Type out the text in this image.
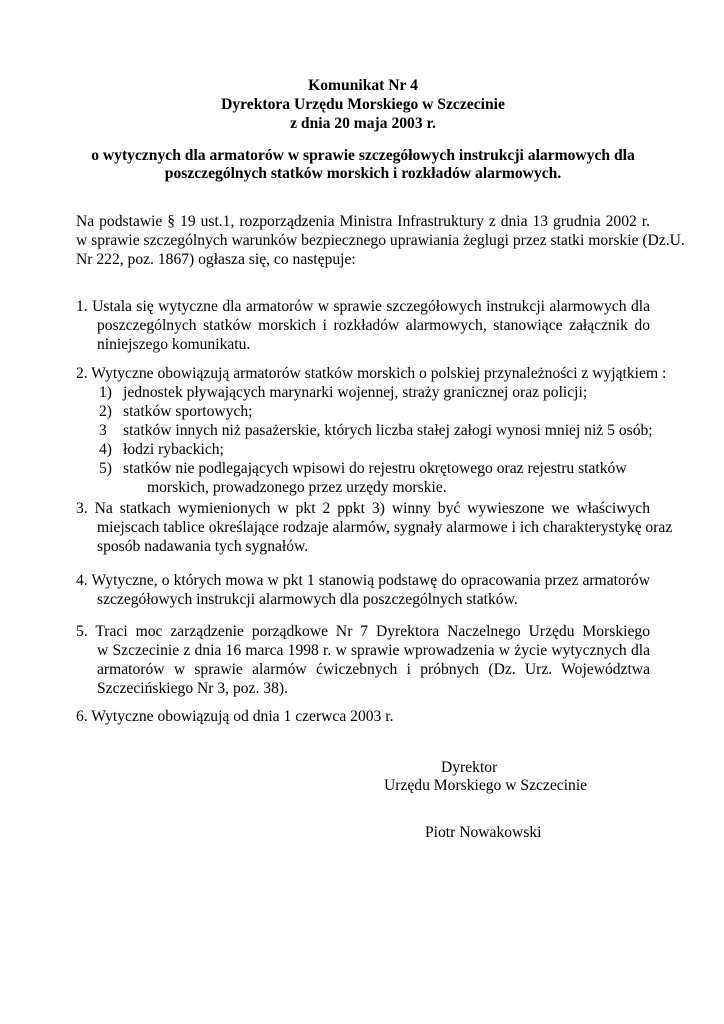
Komunikat Nr 4
Dyrektora Urzędu Morskiego w Szczecinie
z dnia 20 maja 2003 r.
o wytycznych dla armatorów w sprawie szczegółowych instrukcji alarmowych dla
poszczególnych statków morskich i rozkładów alarmowych.
Na podstawie § 19 ust.1, rozporządzenia Ministra Infrastruktury z dnia 13 grudnia 2002 r.
w sprawie szczególnych warunków bezpiecznego uprawiania żeglugi przez statki morskie (Dz.U.
Nr 222, poz. 1867) ogłasza się, co następuje:
1. Ustala się wytyczne dla armatorów w sprawie szczegółowych instrukcji alarmowych dla
poszczególnych statków morskich i rozkładów alarmowych, stanowiące załącznik do
niniejszego komunikatu.
2. Wytyczne obowiązują armatorów statków morskich o polskiej przynależności z wyjątkiem :
1) jednostek pływających marynarki wojennej, straży granicznej oraz policji;
2) statków sportowych;
3 statków innych niż pasażerskie, których liczba stałej załogi wynosi mniej niż 5 osób;
4) łodzi rybackich;
5) statków nie podlegających wpisowi do rejestru okrętowego oraz rejestru statków
morskich, prowadzonego przez urzędy morskie.
3. Na statkach wymienionych w pkt 2 ppkt 3) winny być wywieszone we właściwych
miejscach tablice określające rodzaje alarmów, sygnały alarmowe i ich charakterystykę oraz
sposób nadawania tych sygnałów.
4. Wytyczne, o których mowa w pkt 1 stanowią podstawę do opracowania przez armatorów
szczegółowych instrukcji alarmowych dla poszczególnych statków.
5. Traci moc zarządzenie porządkowe Nr 7 Dyrektora Naczelnego Urzędu Morskiego
w Szczecinie z dnia 16 marca 1998 r. w sprawie wprowadzenia w życie wytycznych dla
armatorów w sprawie alarmów ćwiczebnych i próbnych (Dz. Urz. Województwa
Szczecińskiego Nr 3, poz. 38).
6. Wytyczne obowiązują od dnia 1 czerwca 2003 r.
Dyrektor
Urzędu Morskiego w Szczecinie
Piotr Nowakowski
